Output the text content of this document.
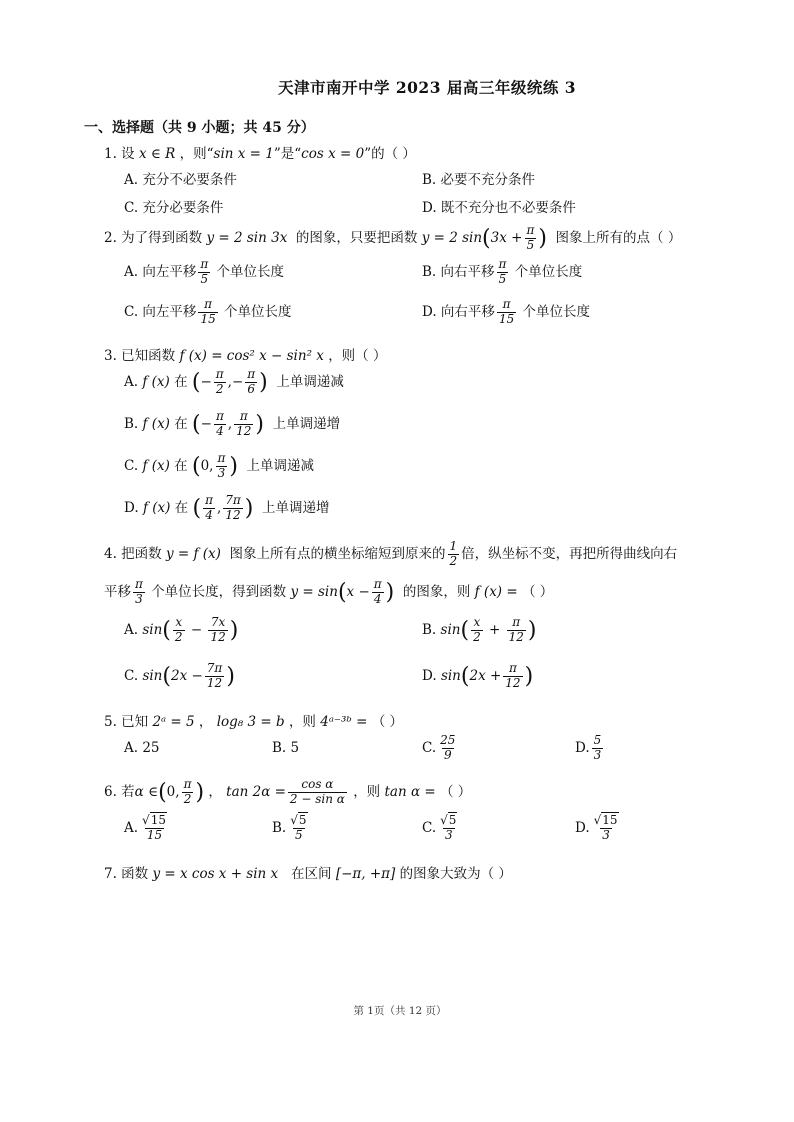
天津市南开中学 2023 届高三年级统练 3
一、选择题（共 9 小题；共 45 分）
1. 设 x ∈ R ，则“sin x = 1”是“cos x = 0”的（ ）
A. 充分不必要条件	B. 必要不充分条件
C. 充分必要条件	D. 既不充分也不必要条件
2. 为了得到函数 y = 2 sin 3x 的图象，只要把函数 y = 2 $\sin(3x + \frac{\pi}{5}$ ) 图象上所有的点（ ）
A. 向左平移 $\frac{\pi}{5}$ 个单位长度	B. 向右平移 $\frac{\pi}{5}$ 个单位长度
C. 向左平移 $\frac{\pi}{15}$ 个单位长度	D. 向右平移 $\frac{\pi}{15}$ 个单位长度
3. 已知函数 f (x) = cos² x − sin² x ，则（ ）
A. f (x) 在 (− $\frac{\pi}{2}$ ,− $\frac{\pi}{6}$ ) 上单调递减
B. f (x) 在 (− $\frac{\pi}{4}$ , $\frac{\pi}{12}$ ) 上单调递增
C. f (x) 在 (0, $\frac{\pi}{3}$ ) 上单调递减
D. f (x) 在 ( $\frac{\pi}{4}$ , $\frac{7\pi}{12}$ ) 上单调递增
4. 把函数 y = f (x) 图象上所有点的横坐标缩短到原来的 $\frac{1}{2}$ 倍，纵坐标不变，再把所得曲线向右
平移 $\frac{\pi}{3}$ 个单位长度，得到函数 $y = \sin(x - \frac{\pi}{4}$ ) 的图象，则 f (x) = （ ）
A. $\sin( \frac{x}{2} - \frac{7x}{12}$ )	B. $\sin( \frac{x}{2} + \frac{\pi}{12}$ )
C. $\sin(2x - \frac{7\pi}{12}$ )	D. $\sin(2x + \frac{\pi}{12}$ )
5. 已知 2ᵃ = 5 ， log₈ 3 = b ，则 4ᵃ⁻³ᵇ = （ ）
A. 25	B. 5	C. $\frac{25}{9}$	D. $\frac{5}{3}$
6. 若α ∈(0, $\frac{\pi}{2}$ ) ， $\tan 2\alpha = \frac{\text{cos α}}{\text{2 − sin α}}$ ，则 tan α = （ ）
A. $\frac{√15}{15}$	B. $\frac{√5}{5}$	C. $\frac{√5}{3}$	D. $\frac{√15}{3}$
7. 函数 y = x cos x + sin x 在区间 [−π, +π] 的图象大致为（ ）
第 1页（共 12 页）
